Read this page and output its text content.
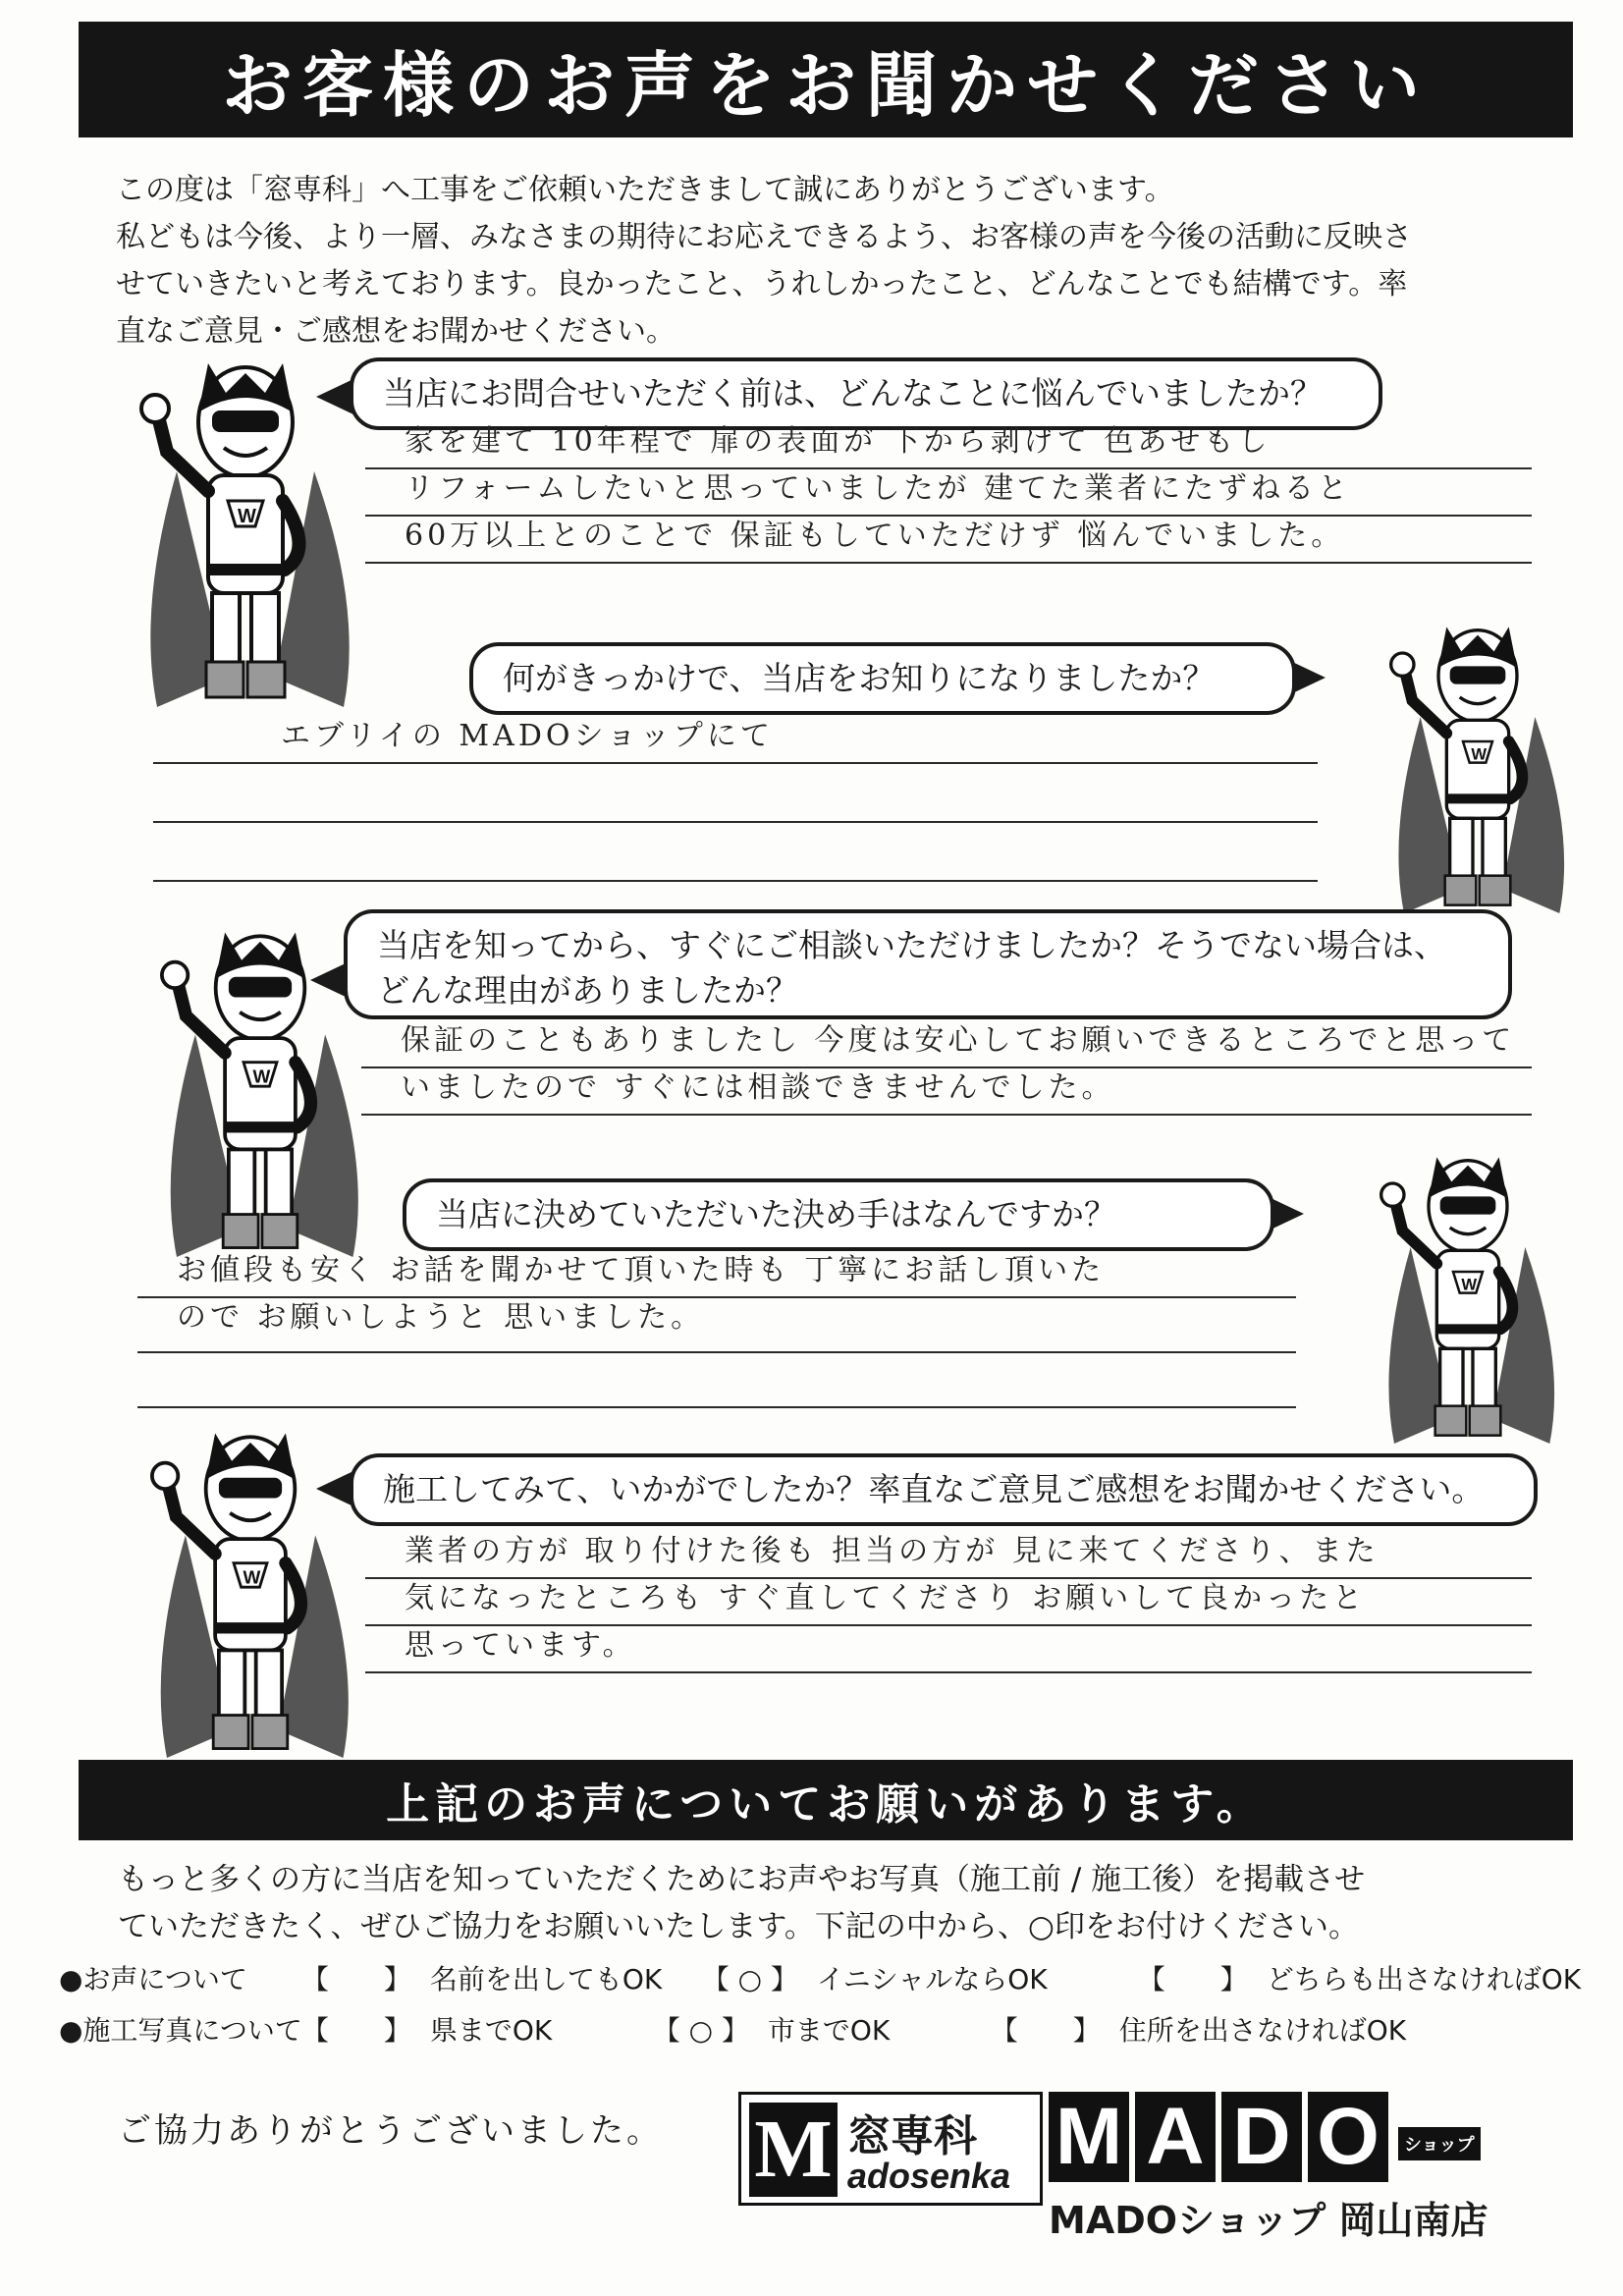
お客様のお声をお聞かせください

この度は「窓専科」へ工事をご依頼いただきまして誠にありがとうございます。

私どもは今後、より一層、みなさまの期待にお応えできるよう、お客様の声を今後の活動に反映さ

せていきたいと考えております。良かったこと、うれしかったこと、どんなことでも結構です。率

直なご意見・ご感想をお聞かせください。

当店にお問合せいただく前は、どんなことに悩んでいましたか？
家を建て 10年程で 扉の表面が 下から剥げて 色あせもし
リフォームしたいと思っていましたが 建てた業者にたずねると
60万以上とのことで 保証もしていただけず 悩んでいました。
何がきっかけで、当店をお知りになりましたか？
エブリイの MADOショップにて
当店を知ってから、すぐにご相談いただけましたか？そうでない場合は、
どんな理由がありましたか？
保証のこともありましたし 今度は安心してお願いできるところでと思って
いましたので すぐには相談できませんでした。
当店に決めていただいた決め手はなんですか？
お値段も安く お話を聞かせて頂いた時も 丁寧にお話し頂いた
ので お願いしようと 思いました。
施工してみて、いかがでしたか？率直なご意見ご感想をお聞かせください。
業者の方が 取り付けた後も 担当の方が 見に来てくださり、また
気になったところも すぐ直してくださり お願いして良かったと
思っています。
上記のお声についてお願いがあります。

もっと多くの方に当店を知っていただくためにお声やお写真（施工前 / 施工後）を掲載させ

ていただきたく、ぜひご協力をお願いいたします。下記の中から、○印をお付けください。

●お声について 【　　】 名前を出してもOK 【 ○ 】 イニシャルならOK	【　　】 どちらも出さなければOK
●施工写真について 【　　】 県までOK	【 ○ 】 市までOK	【　　】 住所を出さなければOK
ご協力ありがとうございました。 M 窓専科
adosenka M A D O	ショップ
MADOショップ 岡山南店
